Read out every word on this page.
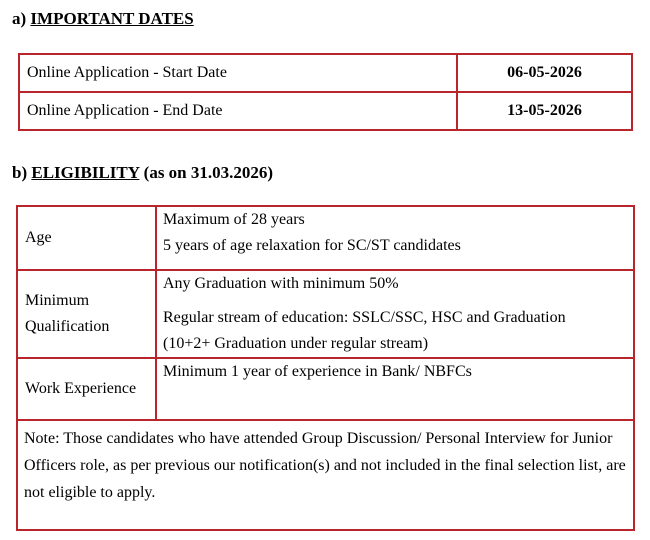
a) IMPORTANT DATES
Online Application - Start Date	06-05-2026
Online Application - End Date	13-05-2026
b) ELIGIBILITY (as on 31.03.2026)
Age	Maximum of 28 years
5 years of age relaxation for SC/ST candidates

Minimum
Qualification	Any Graduation with minimum 50%
Regular stream of education: SSLC/SSC, HSC and Graduation
(10+2+ Graduation under regular stream)

Work Experience	Minimum 1 year of experience in Bank/ NBFCs

Note: Those candidates who have attended Group Discussion/ Personal Interview for Junior Officers role, as per previous our notification(s) and not included in the final selection list, are not eligible to apply.	
